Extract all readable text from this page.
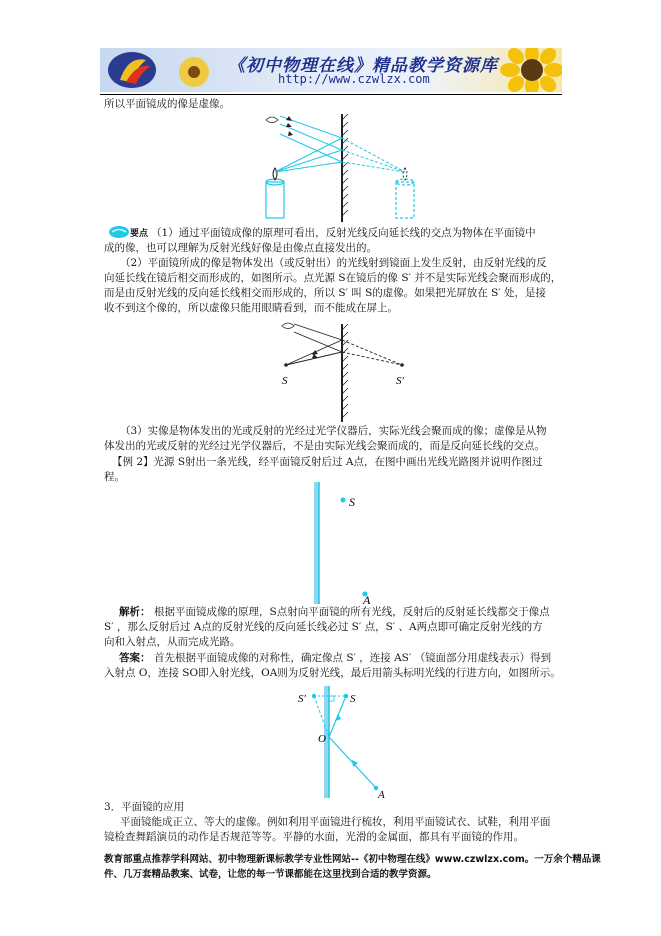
《初中物理在线》精品教学资源库
http://www.czwlzx.com
所以平面镜成的像是虚像。
要点 （1）通过平面镜成像的原理可看出，反射光线反向延长线的交点为物体在平面镜中
成的像，也可以理解为反射光线好像是由像点直接发出的。
（2）平面镜所成的像是物体发出（或反射出）的光线射到镜面上发生反射，由反射光线的反
向延长线在镜后相交而形成的，如图所示。点光源 S在镜后的像 S′ 并不是实际光线会聚而形成的，
而是由反射光线的反向延长线相交而形成的，所以 S′ 叫 S的虚像。如果把光屏放在 S′ 处，是接
收不到这个像的，所以虚像只能用眼睛看到，而不能成在屏上。
S	S′
（3）实像是物体发出的光或反射的光经过光学仪器后，实际光线会聚而成的像；虚像是从物
体发出的光或反射的光经过光学仪器后，不是由实际光线会聚而成的，而是反向延长线的交点。
【例 2】光源 S射出一条光线，经平面镜反射后过 A点，在图中画出光线光路图并说明作图过
程。
S
A
解析： 根据平面镜成像的原理，S点射向平面镜的所有光线，反射后的反射延长线都交于像点
S′ ，那么反射后过 A点的反射光线的反向延长线必过 S′ 点，S′ 、A两点即可确定反射光线的方
向和入射点，从而完成光路。
答案： 首先根据平面镜成像的对称性，确定像点 S′ ，连接 AS′ （镜面部分用虚线表示）得到
入射点 O，连接 SO即入射光线，OA则为反射光线，最后用箭头标明光线的行进方向，如图所示。
S′	S
O
A
3．平面镜的应用
平面镜能成正立、等大的虚像。例如利用平面镜进行梳妆，利用平面镜试衣、试鞋，利用平面
镜检查舞蹈演员的动作是否规范等等。平静的水面，光滑的金属面，都具有平面镜的作用。
教育部重点推荐学科网站、初中物理新课标教学专业性网站--《初中物理在线》www.czwlzx.com。一万余个精品课
件、几万套精品教案、试卷，让您的每一节课都能在这里找到合适的教学资源。
